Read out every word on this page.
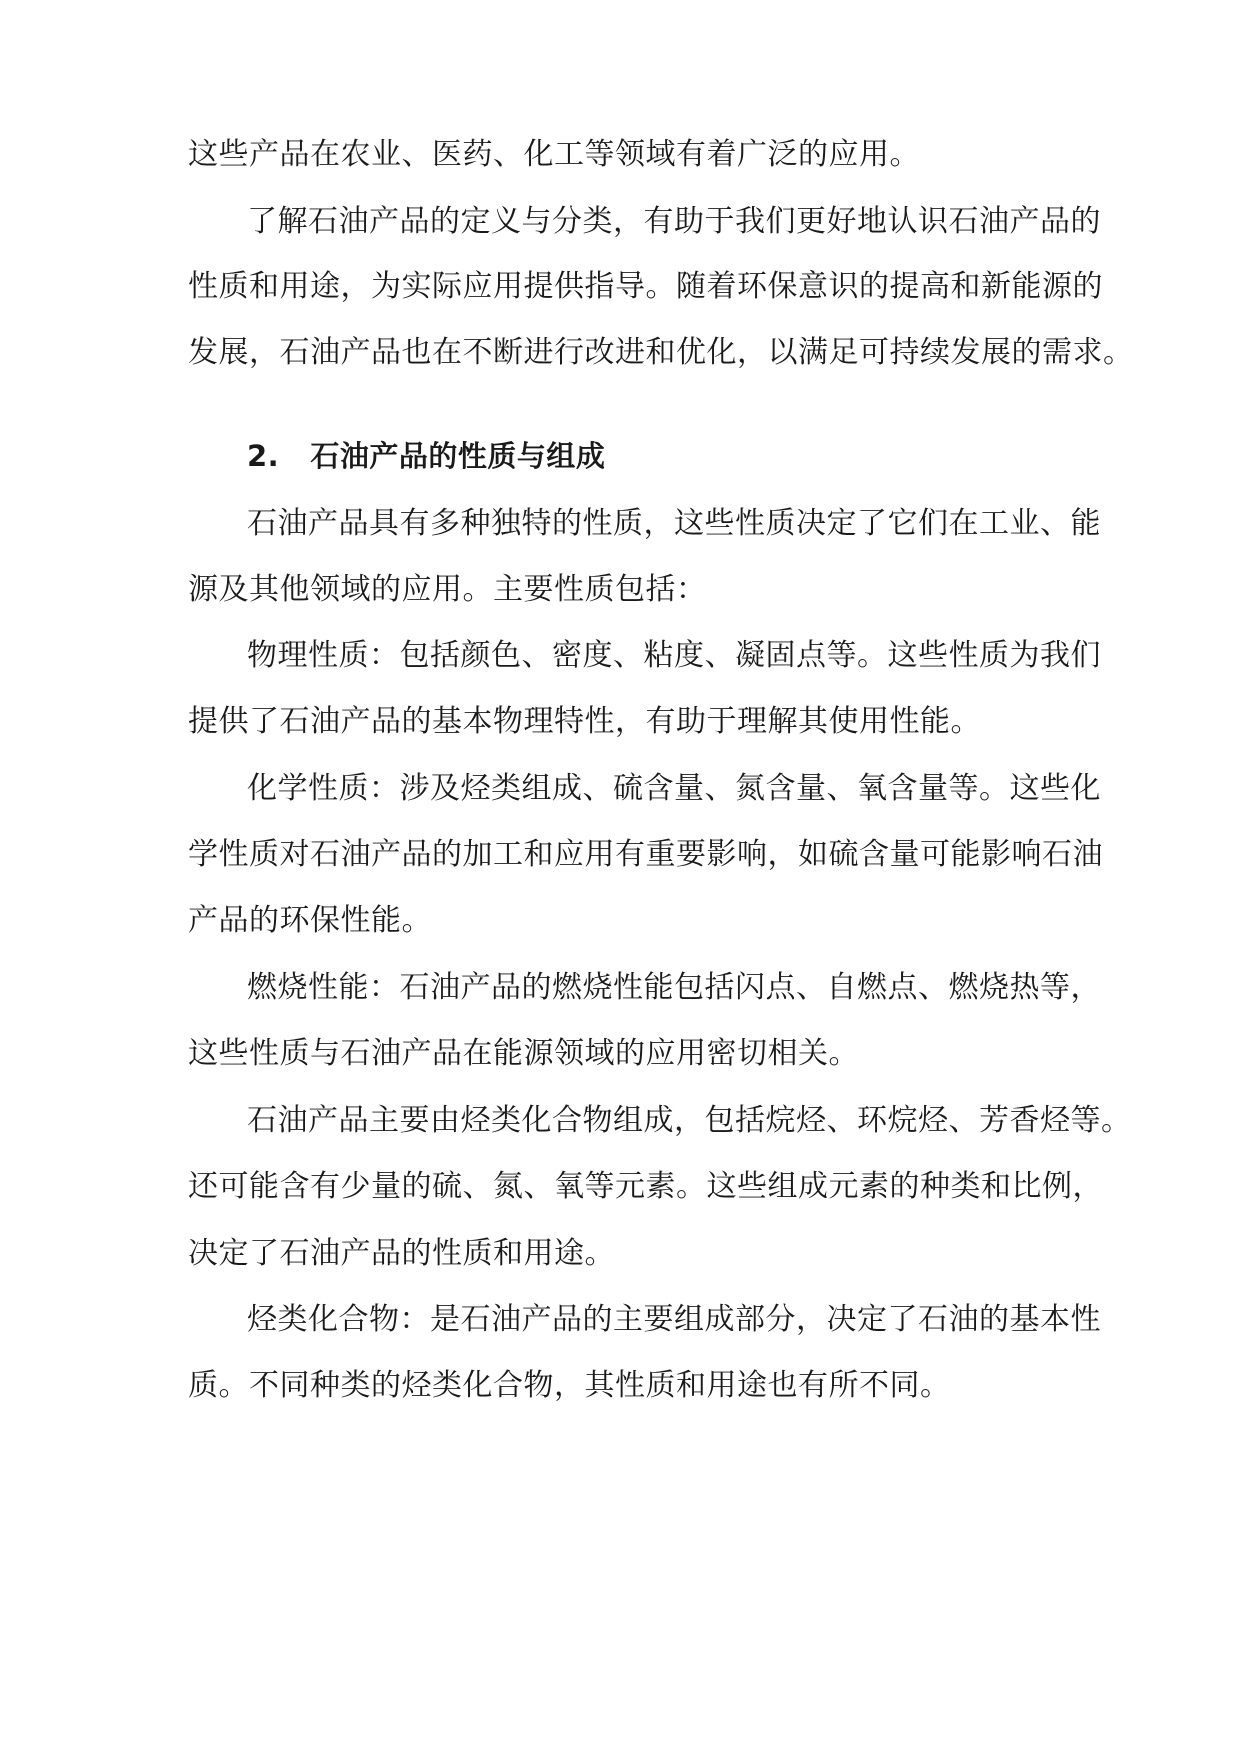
这些产品在农业、医药、化工等领域有着广泛的应用。
了解石油产品的定义与分类，有助于我们更好地认识石油产品的
性质和用途，为实际应用提供指导。随着环保意识的提高和新能源的
发展，石油产品也在不断进行改进和优化，以满足可持续发展的需求。
2. 石油产品的性质与组成
石油产品具有多种独特的性质，这些性质决定了它们在工业、能
源及其他领域的应用。主要性质包括：
物理性质：包括颜色、密度、粘度、凝固点等。这些性质为我们
提供了石油产品的基本物理特性，有助于理解其使用性能。
化学性质：涉及烃类组成、硫含量、氮含量、氧含量等。这些化
学性质对石油产品的加工和应用有重要影响，如硫含量可能影响石油
产品的环保性能。
燃烧性能：石油产品的燃烧性能包括闪点、自燃点、燃烧热等，
这些性质与石油产品在能源领域的应用密切相关。
石油产品主要由烃类化合物组成，包括烷烃、环烷烃、芳香烃等。
还可能含有少量的硫、氮、氧等元素。这些组成元素的种类和比例，
决定了石油产品的性质和用途。
烃类化合物：是石油产品的主要组成部分，决定了石油的基本性
质。不同种类的烃类化合物，其性质和用途也有所不同。
